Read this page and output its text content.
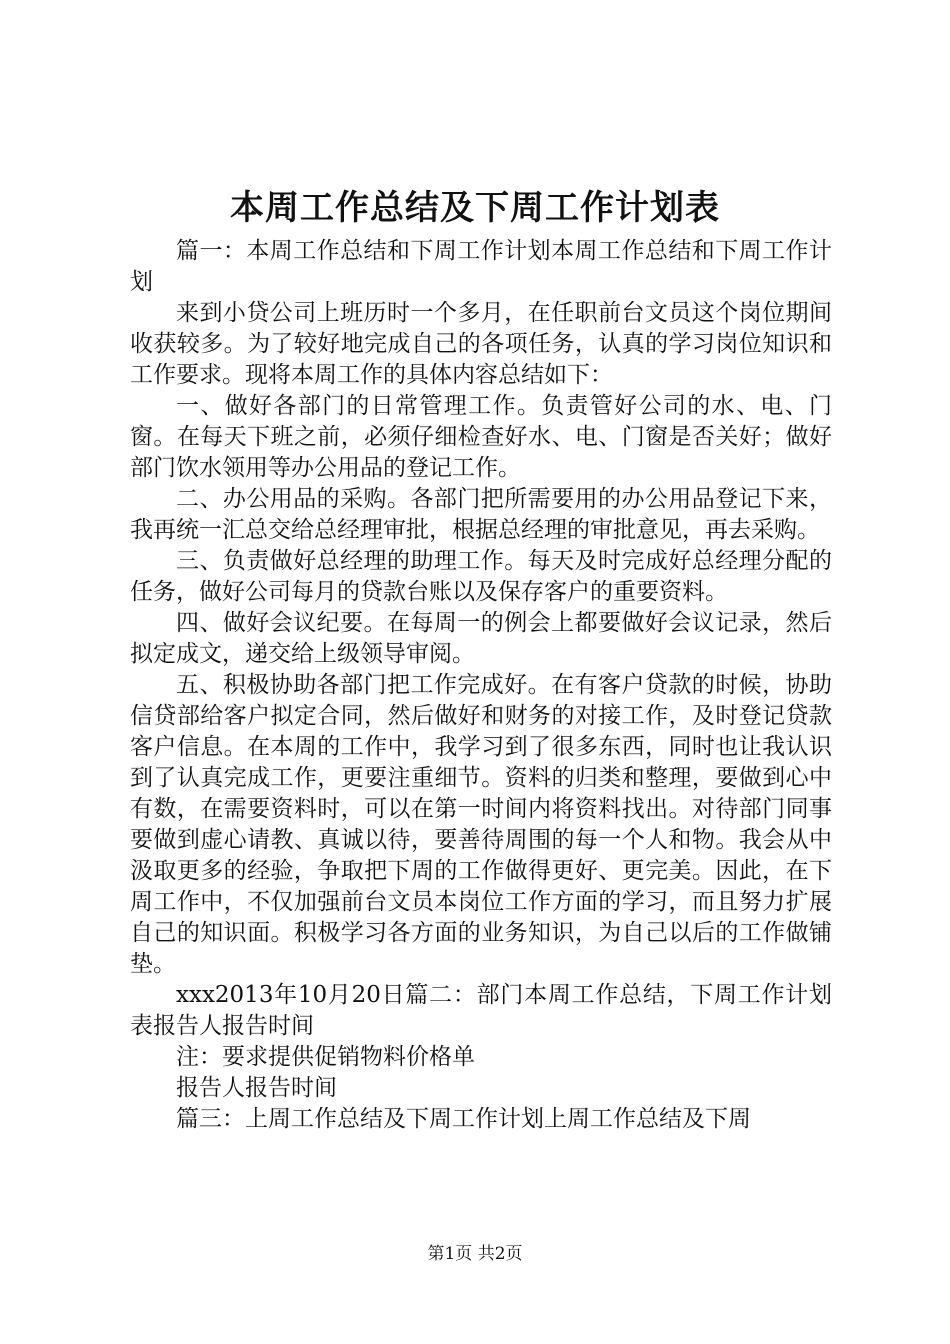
本周工作总结及下周工作计划表

篇一：本周工作总结和下周工作计划本周工作总结和下周工作计划

来到小贷公司上班历时一个多月，在任职前台文员这个岗位期间收获较多。为了较好地完成自己的各项任务，认真的学习岗位知识和工作要求。现将本周工作的具体内容总结如下：

一、做好各部门的日常管理工作。负责管好公司的水、电、门窗。在每天下班之前，必须仔细检查好水、电、门窗是否关好；做好部门饮水领用等办公用品的登记工作。

二、办公用品的采购。各部门把所需要用的办公用品登记下来，我再统一汇总交给总经理审批，根据总经理的审批意见，再去采购。

三、负责做好总经理的助理工作。每天及时完成好总经理分配的任务，做好公司每月的贷款台账以及保存客户的重要资料。

四、做好会议纪要。在每周一的例会上都要做好会议记录，然后拟定成文，递交给上级领导审阅。

五、积极协助各部门把工作完成好。在有客户贷款的时候，协助信贷部给客户拟定合同，然后做好和财务的对接工作，及时登记贷款客户信息。在本周的工作中，我学习到了很多东西，同时也让我认识到了认真完成工作，更要注重细节。资料的归类和整理，要做到心中有数，在需要资料时，可以在第一时间内将资料找出。对待部门同事要做到虚心请教、真诚以待，要善待周围的每一个人和物。我会从中汲取更多的经验，争取把下周的工作做得更好、更完美。因此，在下周工作中，不仅加强前台文员本岗位工作方面的学习，而且努力扩展自己的知识面。积极学习各方面的业务知识，为自己以后的工作做铺垫。

xxx2013年10月20日篇二：部门本周工作总结，下周工作计划表报告人报告时间

注：要求提供促销物料价格单

报告人报告时间

篇三：上周工作总结及下周工作计划上周工作总结及下周

第1页 共2页
